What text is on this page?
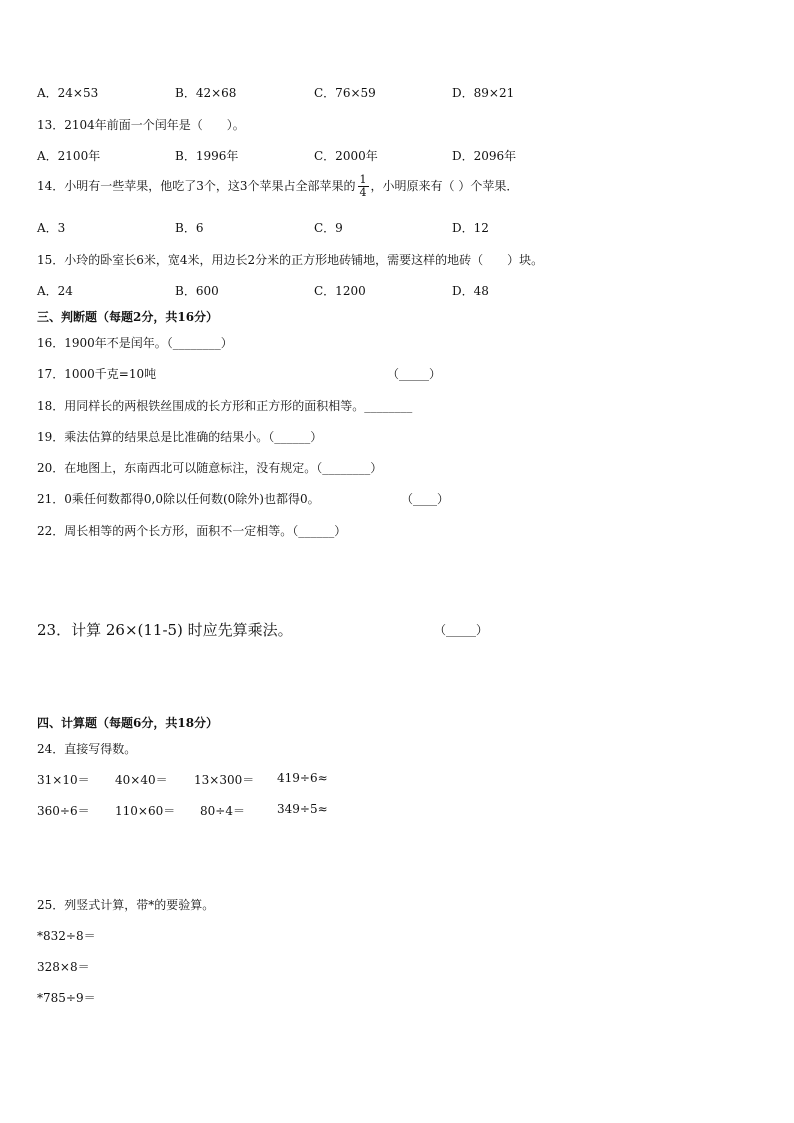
A．24×53	B．42×68	C．76×59	D．89×21
13．2104年前面一个闰年是（　　）。
A．2100年	B．1996年	C．2000年	D．2096年
14．小明有一些苹果，他吃了3个，这3个苹果占全部苹果的 $\frac{1}{4}$ ，小明原来有（ ）个苹果．
A．3	B．6	C．9	D．12
15．小玲的卧室长6米，宽4米，用边长2分米的正方形地砖铺地，需要这样的地砖（　　）块。
A．24	B．600	C．1200	D．48
三、判断题（每题2分，共16分）
16．1900年不是闰年。（________）
17．1000千克=10吨	（_____）
18．用同样长的两根铁丝围成的长方形和正方形的面积相等。________
19．乘法估算的结果总是比准确的结果小。（______）
20．在地图上，东南西北可以随意标注，没有规定。（________）
21．0乘任何数都得0,0除以任何数(0除外)也都得0。	（____）
22．周长相等的两个长方形，面积不一定相等。（______）
23．计算 26×(11-5) 时应先算乘法。	（_____）
四、计算题（每题6分，共18分）
24．直接写得数。
31×10＝ 40×40＝ 13×300＝ 419÷6≈
360÷6＝ 110×60＝ 80÷4＝	349÷5≈
25．列竖式计算，带*的要验算。
*832÷8＝
328×8＝
*785÷9＝
